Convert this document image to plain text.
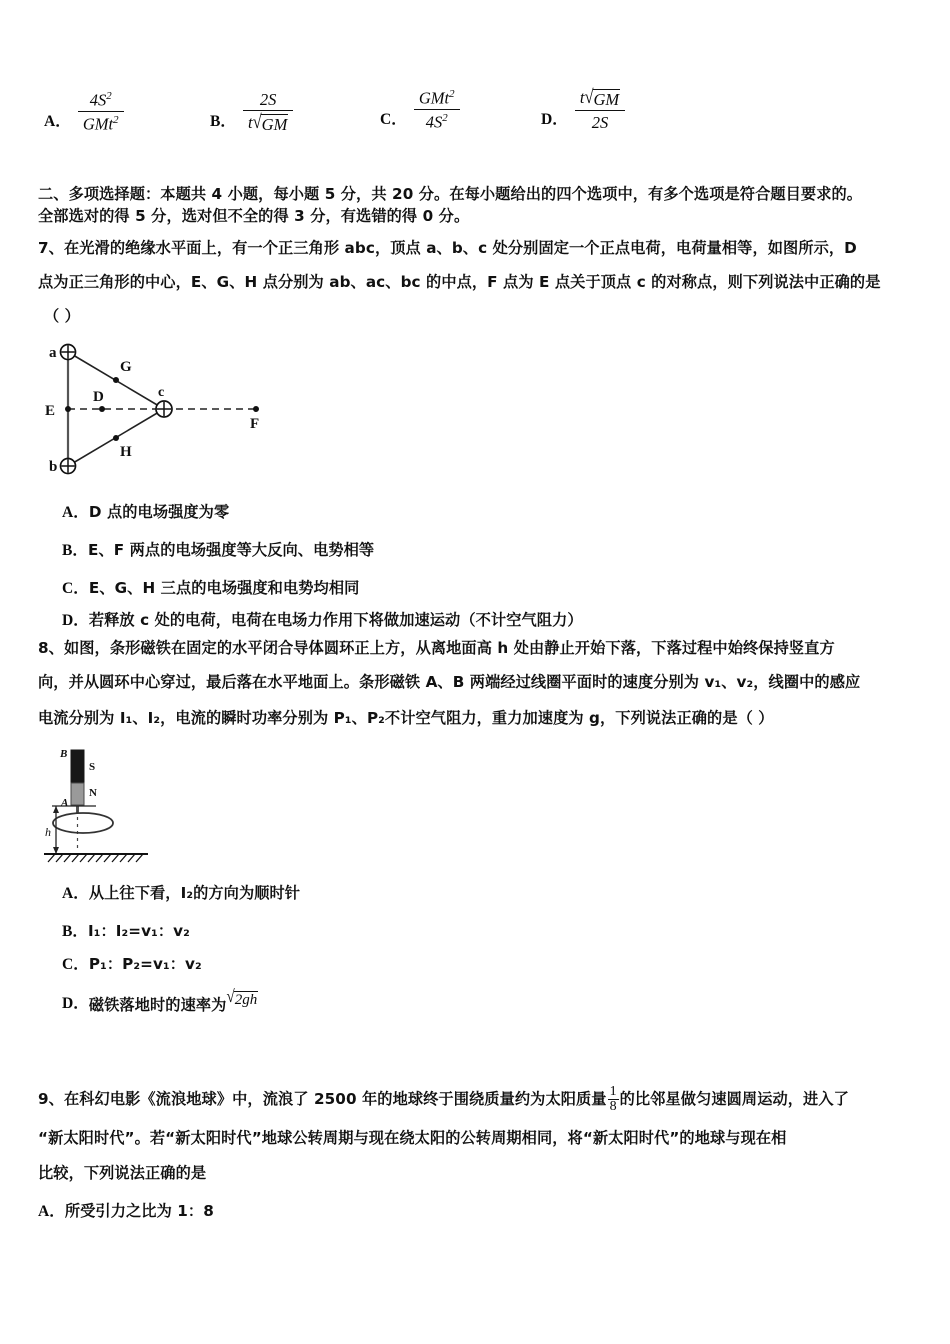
A． $\frac{4S^2}{GMt^2}$	B． $\frac{2S}{t √ GM}$	C． $\frac{GMt^2}{4S^2}$	D． $\frac{t √ GM}{2S}$
二、多项选择题：本题共 4 小题，每小题 5 分，共 20 分。在每小题给出的四个选项中，有多个选项是符合题目要求的。
全部选对的得 5 分，选对但不全的得 3 分，有选错的得 0 分。
7、在光滑的绝缘水平面上，有一个正三角形 abc，顶点 a、b、c 处分别固定一个正点电荷，电荷量相等，如图所示，D
点为正三角形的中心，E、G、H 点分别为 ab、ac、bc 的中点，F 点为 E 点关于顶点 c 的对称点，则下列说法中正确的是
（ ）
a
b
c
E
D
G
H
F
A．D 点的电场强度为零
B．E、F 两点的电场强度等大反向、电势相等
C．E、G、H 三点的电场强度和电势均相同
D．若释放 c 处的电荷，电荷在电场力作用下将做加速运动（不计空气阻力）
8、如图，条形磁铁在固定的水平闭合导体圆环正上方，从离地面高 h 处由静止开始下落，下落过程中始终保持竖直方
向，并从圆环中心穿过，最后落在水平地面上。条形磁铁 A、B 两端经过线圈平面时的速度分别为 v₁、v₂，线圈中的感应
电流分别为 I₁、I₂，电流的瞬时功率分别为 P₁、P₂不计空气阻力，重力加速度为 g，下列说法正确的是（ ）
B
S
N
A
h
A．从上往下看，I₂的方向为顺时针
B．I₁：I₂=v₁：v₂
C．P₁：P₂=v₁：v₂
D． 磁铁落地时的速率为 √ 2gh
9、在科幻电影《流浪地球》中，流浪了 2500 年的地球终于围绕质量约为太阳质量 1
8 的比邻星做匀速圆周运动，进入了
“新太阳时代”。若“新太阳时代”地球公转周期与现在绕太阳的公转周期相同，将“新太阳时代”的地球与现在相
比较，下列说法正确的是
A．所受引力之比为 1：8
